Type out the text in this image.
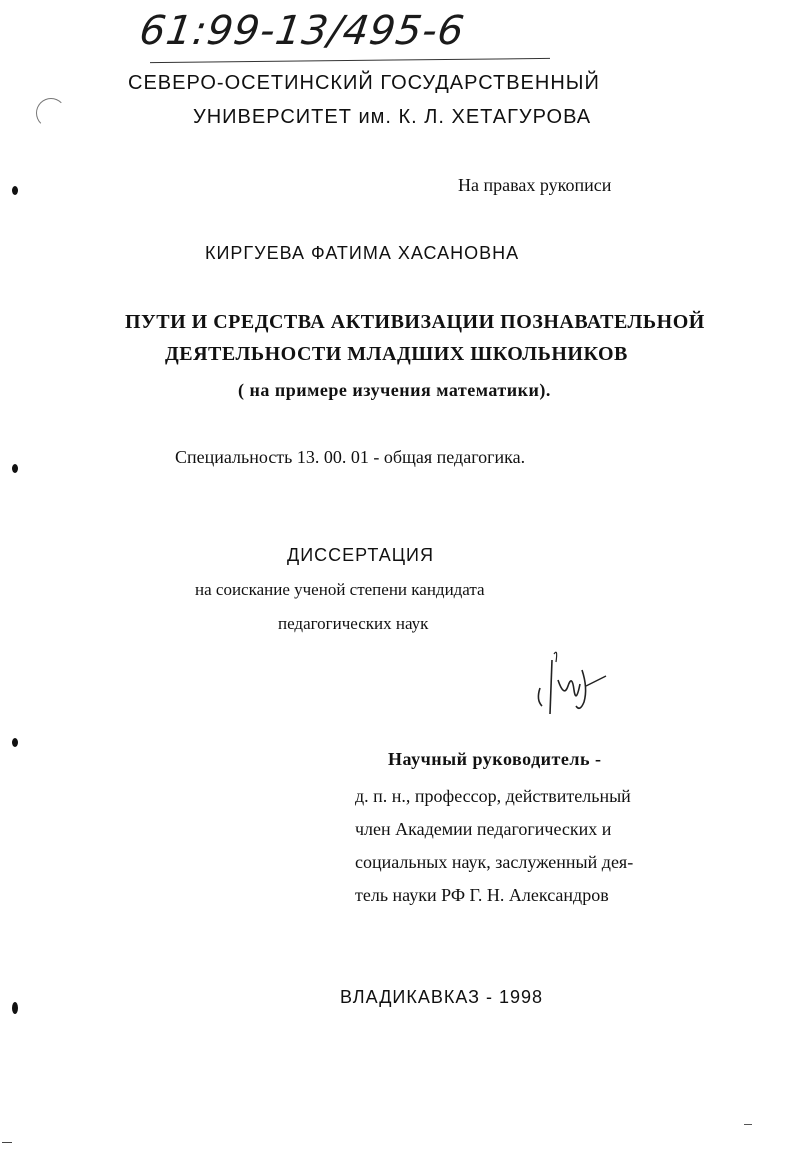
61:99-13/495-6
СЕВЕРО-ОСЕТИНСКИЙ ГОСУДАРСТВЕННЫЙ
УНИВЕРСИТЕТ им. К. Л. ХЕТАГУРОВА
На правах рукописи
КИРГУЕВА ФАТИМА ХАСАНОВНА
ПУТИ И СРЕДСТВА АКТИВИЗАЦИИ ПОЗНАВАТЕЛЬНОЙ
ДЕЯТЕЛЬНОСТИ МЛАДШИХ ШКОЛЬНИКОВ
( на примере изучения математики).
Специальность 13. 00. 01 - общая педагогика.
ДИССЕРТАЦИЯ
на соискание ученой степени кандидата
педагогических наук
Научный руководитель -
д. п. н., профессор, действительный
член Академии педагогических и
социальных наук, заслуженный дея-
тель науки РФ Г. Н. Александров
ВЛАДИКАВКАЗ - 1998
